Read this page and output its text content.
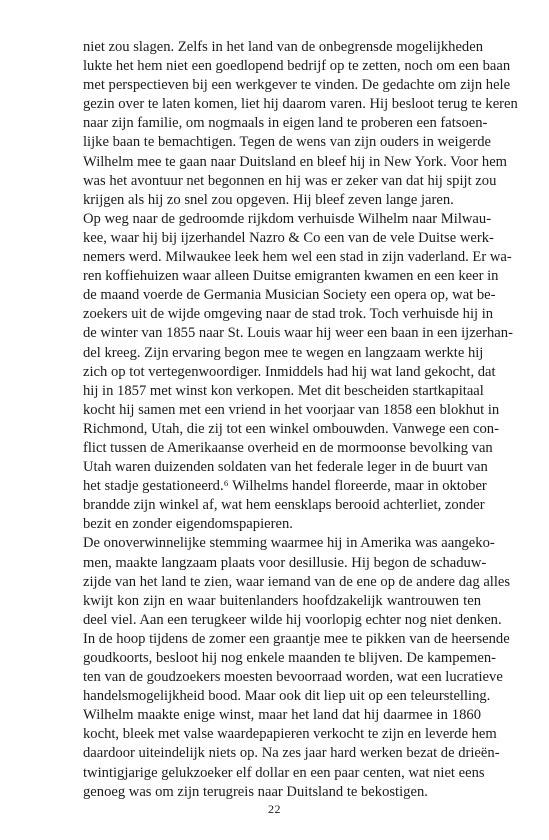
niet zou slagen. Zelfs in het land van de onbegrensde mogelijkheden
lukte het hem niet een goedlopend bedrijf op te zetten, noch om een baan
met perspectieven bij een werkgever te vinden. De gedachte om zijn hele
gezin over te laten komen, liet hij daarom varen. Hij besloot terug te keren
naar zijn familie, om nogmaals in eigen land te proberen een fatsoen-
lijke baan te bemachtigen. Tegen de wens van zijn ouders in weigerde
Wilhelm mee te gaan naar Duitsland en bleef hij in New York. Voor hem
was het avontuur net begonnen en hij was er zeker van dat hij spijt zou
krijgen als hij zo snel zou opgeven. Hij bleef zeven lange jaren.
Op weg naar de gedroomde rijkdom verhuisde Wilhelm naar Milwau-
kee, waar hij bij ijzerhandel Nazro & Co een van de vele Duitse werk-
nemers werd. Milwaukee leek hem wel een stad in zijn vaderland. Er wa-
ren koffiehuizen waar alleen Duitse emigranten kwamen en een keer in
de maand voerde de Germania Musician Society een opera op, wat be-
zoekers uit de wijde omgeving naar de stad trok. Toch verhuisde hij in
de winter van 1855 naar St. Louis waar hij weer een baan in een ijzerhan-
del kreeg. Zijn ervaring begon mee te wegen en langzaam werkte hij
zich op tot vertegenwoordiger. Inmiddels had hij wat land gekocht, dat
hij in 1857 met winst kon verkopen. Met dit bescheiden startkapitaal
kocht hij samen met een vriend in het voorjaar van 1858 een blokhut in
Richmond, Utah, die zij tot een winkel ombouwden. Vanwege een con-
flict tussen de Amerikaanse overheid en de mormoonse bevolking van
Utah waren duizenden soldaten van het federale leger in de buurt van
het stadje gestationeerd.⁶ Wilhelms handel floreerde, maar in oktober
brandde zijn winkel af, wat hem eensklaps berooid achterliet, zonder
bezit en zonder eigendomspapieren.
De onoverwinnelijke stemming waarmee hij in Amerika was aangeko-
men, maakte langzaam plaats voor desillusie. Hij begon de schaduw-
zijde van het land te zien, waar iemand van de ene op de andere dag alles
kwijt kon zijn en waar buitenlanders hoofdzakelijk wantrouwen ten
deel viel. Aan een terugkeer wilde hij voorlopig echter nog niet denken.
In de hoop tijdens de zomer een graantje mee te pikken van de heersende
goudkoorts, besloot hij nog enkele maanden te blijven. De kampemen-
ten van de goudzoekers moesten bevoorraad worden, wat een lucratieve
handelsmogelijkheid bood. Maar ook dit liep uit op een teleurstelling.
Wilhelm maakte enige winst, maar het land dat hij daarmee in 1860
kocht, bleek met valse waardepapieren verkocht te zijn en leverde hem
daardoor uiteindelijk niets op. Na zes jaar hard werken bezat de drieën-
twintigjarige gelukzoeker elf dollar en een paar centen, wat niet eens
genoeg was om zijn terugreis naar Duitsland te bekostigen.
22
